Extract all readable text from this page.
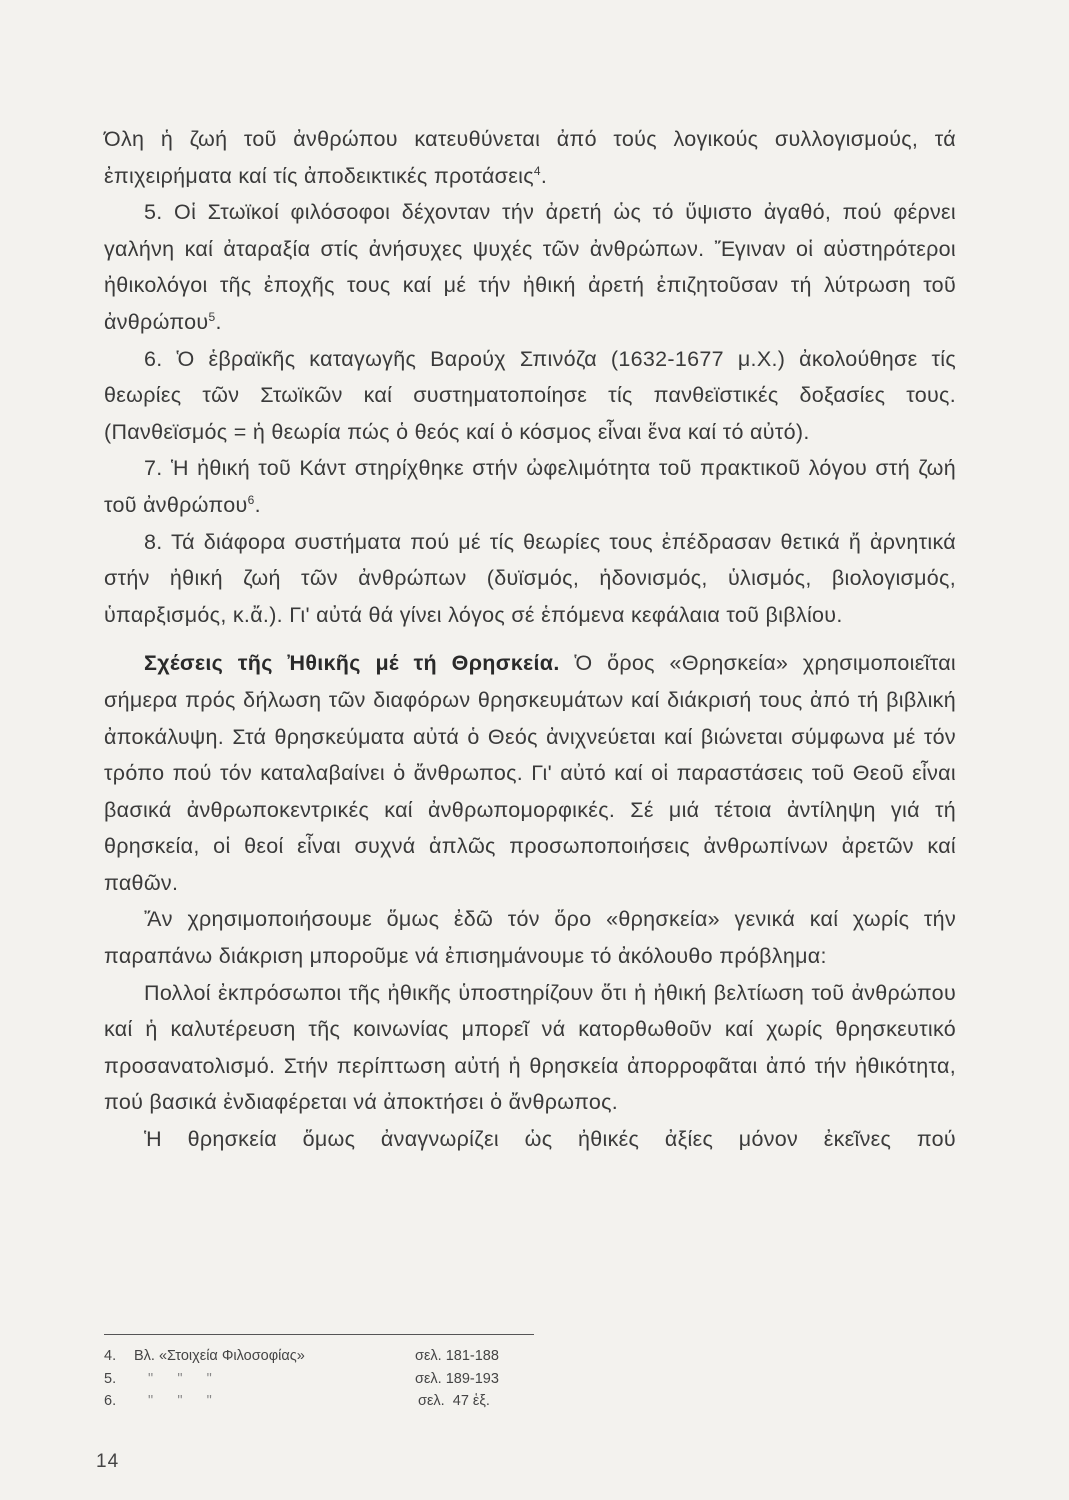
Όλη ἡ ζωή τοῦ ἀνθρώπου κατευθύνεται ἀπό τούς λογικούς συλλογισμούς, τά ἐπιχειρήματα καί τίς ἀποδεικτικές προτάσεις$^4$.

5. Οἱ Στωϊκοί φιλόσοφοι δέχονταν τήν ἀρετή ὡς τό ὕψιστο ἀγαθό, πού φέρνει γαλήνη καί ἀταραξία στίς ἀνήσυχες ψυχές τῶν ἀνθρώπων. Ἔγιναν οἱ αὐστηρότεροι ἠθικολόγοι τῆς ἐποχῆς τους καί μέ τήν ἠθική ἀρετή ἐπιζητοῦσαν τή λύτρωση τοῦ ἀνθρώπου$^5$.

6. Ὁ ἑβραϊκῆς καταγωγῆς Βαρούχ Σπινόζα (1632-1677 μ.Χ.) ἀκολούθησε τίς θεωρίες τῶν Στωϊκῶν καί συστηματοποίησε τίς πανθεϊστικές δοξασίες τους. (Πανθεϊσμός = ἡ θεωρία πώς ὁ θεός καί ὁ κόσμος εἶναι ἕνα καί τό αὐτό).

7. Ἡ ἠθική τοῦ Κάντ στηρίχθηκε στήν ὠφελιμότητα τοῦ πρακτικοῦ λόγου στή ζωή τοῦ ἀνθρώπου$^6$.

8. Τά διάφορα συστήματα πού μέ τίς θεωρίες τους ἐπέδρασαν θετικά ἤ ἀρνητικά στήν ἠθική ζωή τῶν ἀνθρώπων (δυϊσμός, ἡδονισμός, ὑλισμός, βιολογισμός, ὑπαρξισμός, κ.ἄ.). Γι' αὐτά θά γίνει λόγος σέ ἑπόμενα κεφάλαια τοῦ βιβλίου.

Σχέσεις τῆς Ἠθικῆς μέ τή Θρησκεία. Ὁ ὅρος «Θρησκεία» χρησιμοποιεῖται σήμερα πρός δήλωση τῶν διαφόρων θρησκευμάτων καί διάκρισή τους ἀπό τή βιβλική ἀποκάλυψη. Στά θρησκεύματα αὐτά ὁ Θεός ἀνιχνεύεται καί βιώνεται σύμφωνα μέ τόν τρόπο πού τόν καταλαβαίνει ὁ ἄνθρωπος. Γι' αὐτό καί οἱ παραστάσεις τοῦ Θεοῦ εἶναι βασικά ἀνθρωποκεντρικές καί ἀνθρωπομορφικές. Σέ μιά τέτοια ἀντίληψη γιά τή θρησκεία, οἱ θεοί εἶναι συχνά ἁπλῶς προσωποποιήσεις ἀνθρωπίνων ἀρετῶν καί παθῶν.

Ἄν χρησιμοποιήσουμε ὅμως ἐδῶ τόν ὅρο «θρησκεία» γενικά καί χωρίς τήν παραπάνω διάκριση μποροῦμε νά ἐπισημάνουμε τό ἀκόλουθο πρόβλημα:

Πολλοί ἐκπρόσωποι τῆς ἠθικῆς ὑποστηρίζουν ὅτι ἡ ἠθική βελτίωση τοῦ ἀνθρώπου καί ἡ καλυτέρευση τῆς κοινωνίας μπορεῖ νά κατορθωθοῦν καί χωρίς θρησκευτικό προσανατολισμό. Στήν περίπτωση αὐτή ἡ θρησκεία ἀπορροφᾶται ἀπό τήν ἠθικότητα, πού βασικά ἐνδιαφέρεται νά ἀποκτήσει ὁ ἄνθρωπος.

Ἡ θρησκεία ὅμως ἀναγνωρίζει ὡς ἠθικές ἀξίες μόνον ἐκεῖνες πού

4. Βλ. «Στοιχεία Φιλοσοφίας»	σελ. 181-188
5. "      "      "	σελ. 189-193
6. "      "      "	σελ.  47 ἑξ.
14
